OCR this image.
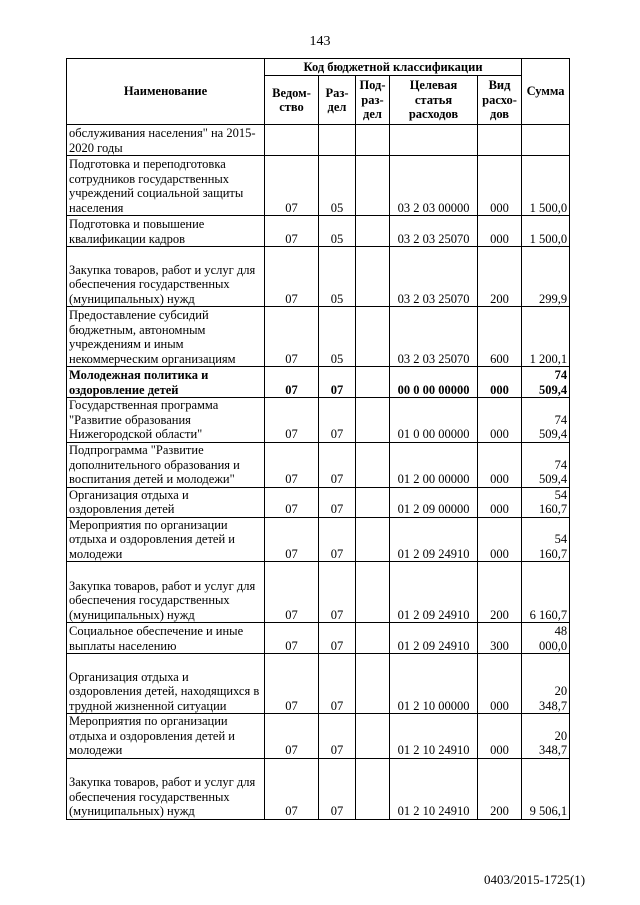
143
Наименование	Код бюджетной классификации					Сумма
	Ведом-ство	Раз-дел	Под-раз-дел	Целевая статья расходов	Вид расхо-дов	
обслуживания населения" на 2015-2020 годы						
Подготовка и переподготовка сотрудников государственных учреждений социальной защиты населения	07	05		03 2 03 00000	000	1 500,0
Подготовка и повышение квалификации кадров	07	05		03 2 03 25070	000	1 500,0
Закупка товаров, работ и услуг для обеспечения государственных (муниципальных) нужд	07	05		03 2 03 25070	200	299,9
Предоставление субсидий бюджетным, автономным учреждениям и иным некоммерческим организациям	07	05		03 2 03 25070	600	1 200,1
Молодежная политика и оздоровление детей	07	07		00 0 00 00000	000	74 509,4
Государственная программа "Развитие образования Нижегородской области"	07	07		01 0 00 00000	000	74 509,4
Подпрограмма "Развитие дополнительного образования и воспитания детей и молодежи"	07	07		01 2 00 00000	000	74 509,4
Организация отдыха и оздоровления детей	07	07		01 2 09 00000	000	54 160,7
Мероприятия по организации отдыха и оздоровления детей и молодежи	07	07		01 2 09 24910	000	54 160,7
Закупка товаров, работ и услуг для обеспечения государственных (муниципальных) нужд	07	07		01 2 09 24910	200	6 160,7
Социальное обеспечение и иные выплаты населению	07	07		01 2 09 24910	300	48 000,0
Организация отдыха и оздоровления детей, находящихся в трудной жизненной ситуации	07	07		01 2 10 00000	000	20 348,7
Мероприятия по организации отдыха и оздоровления детей и молодежи	07	07		01 2 10 24910	000	20 348,7
Закупка товаров, работ и услуг для обеспечения государственных (муниципальных) нужд	07	07		01 2 10 24910	200	9 506,1
0403/2015-1725(1)
